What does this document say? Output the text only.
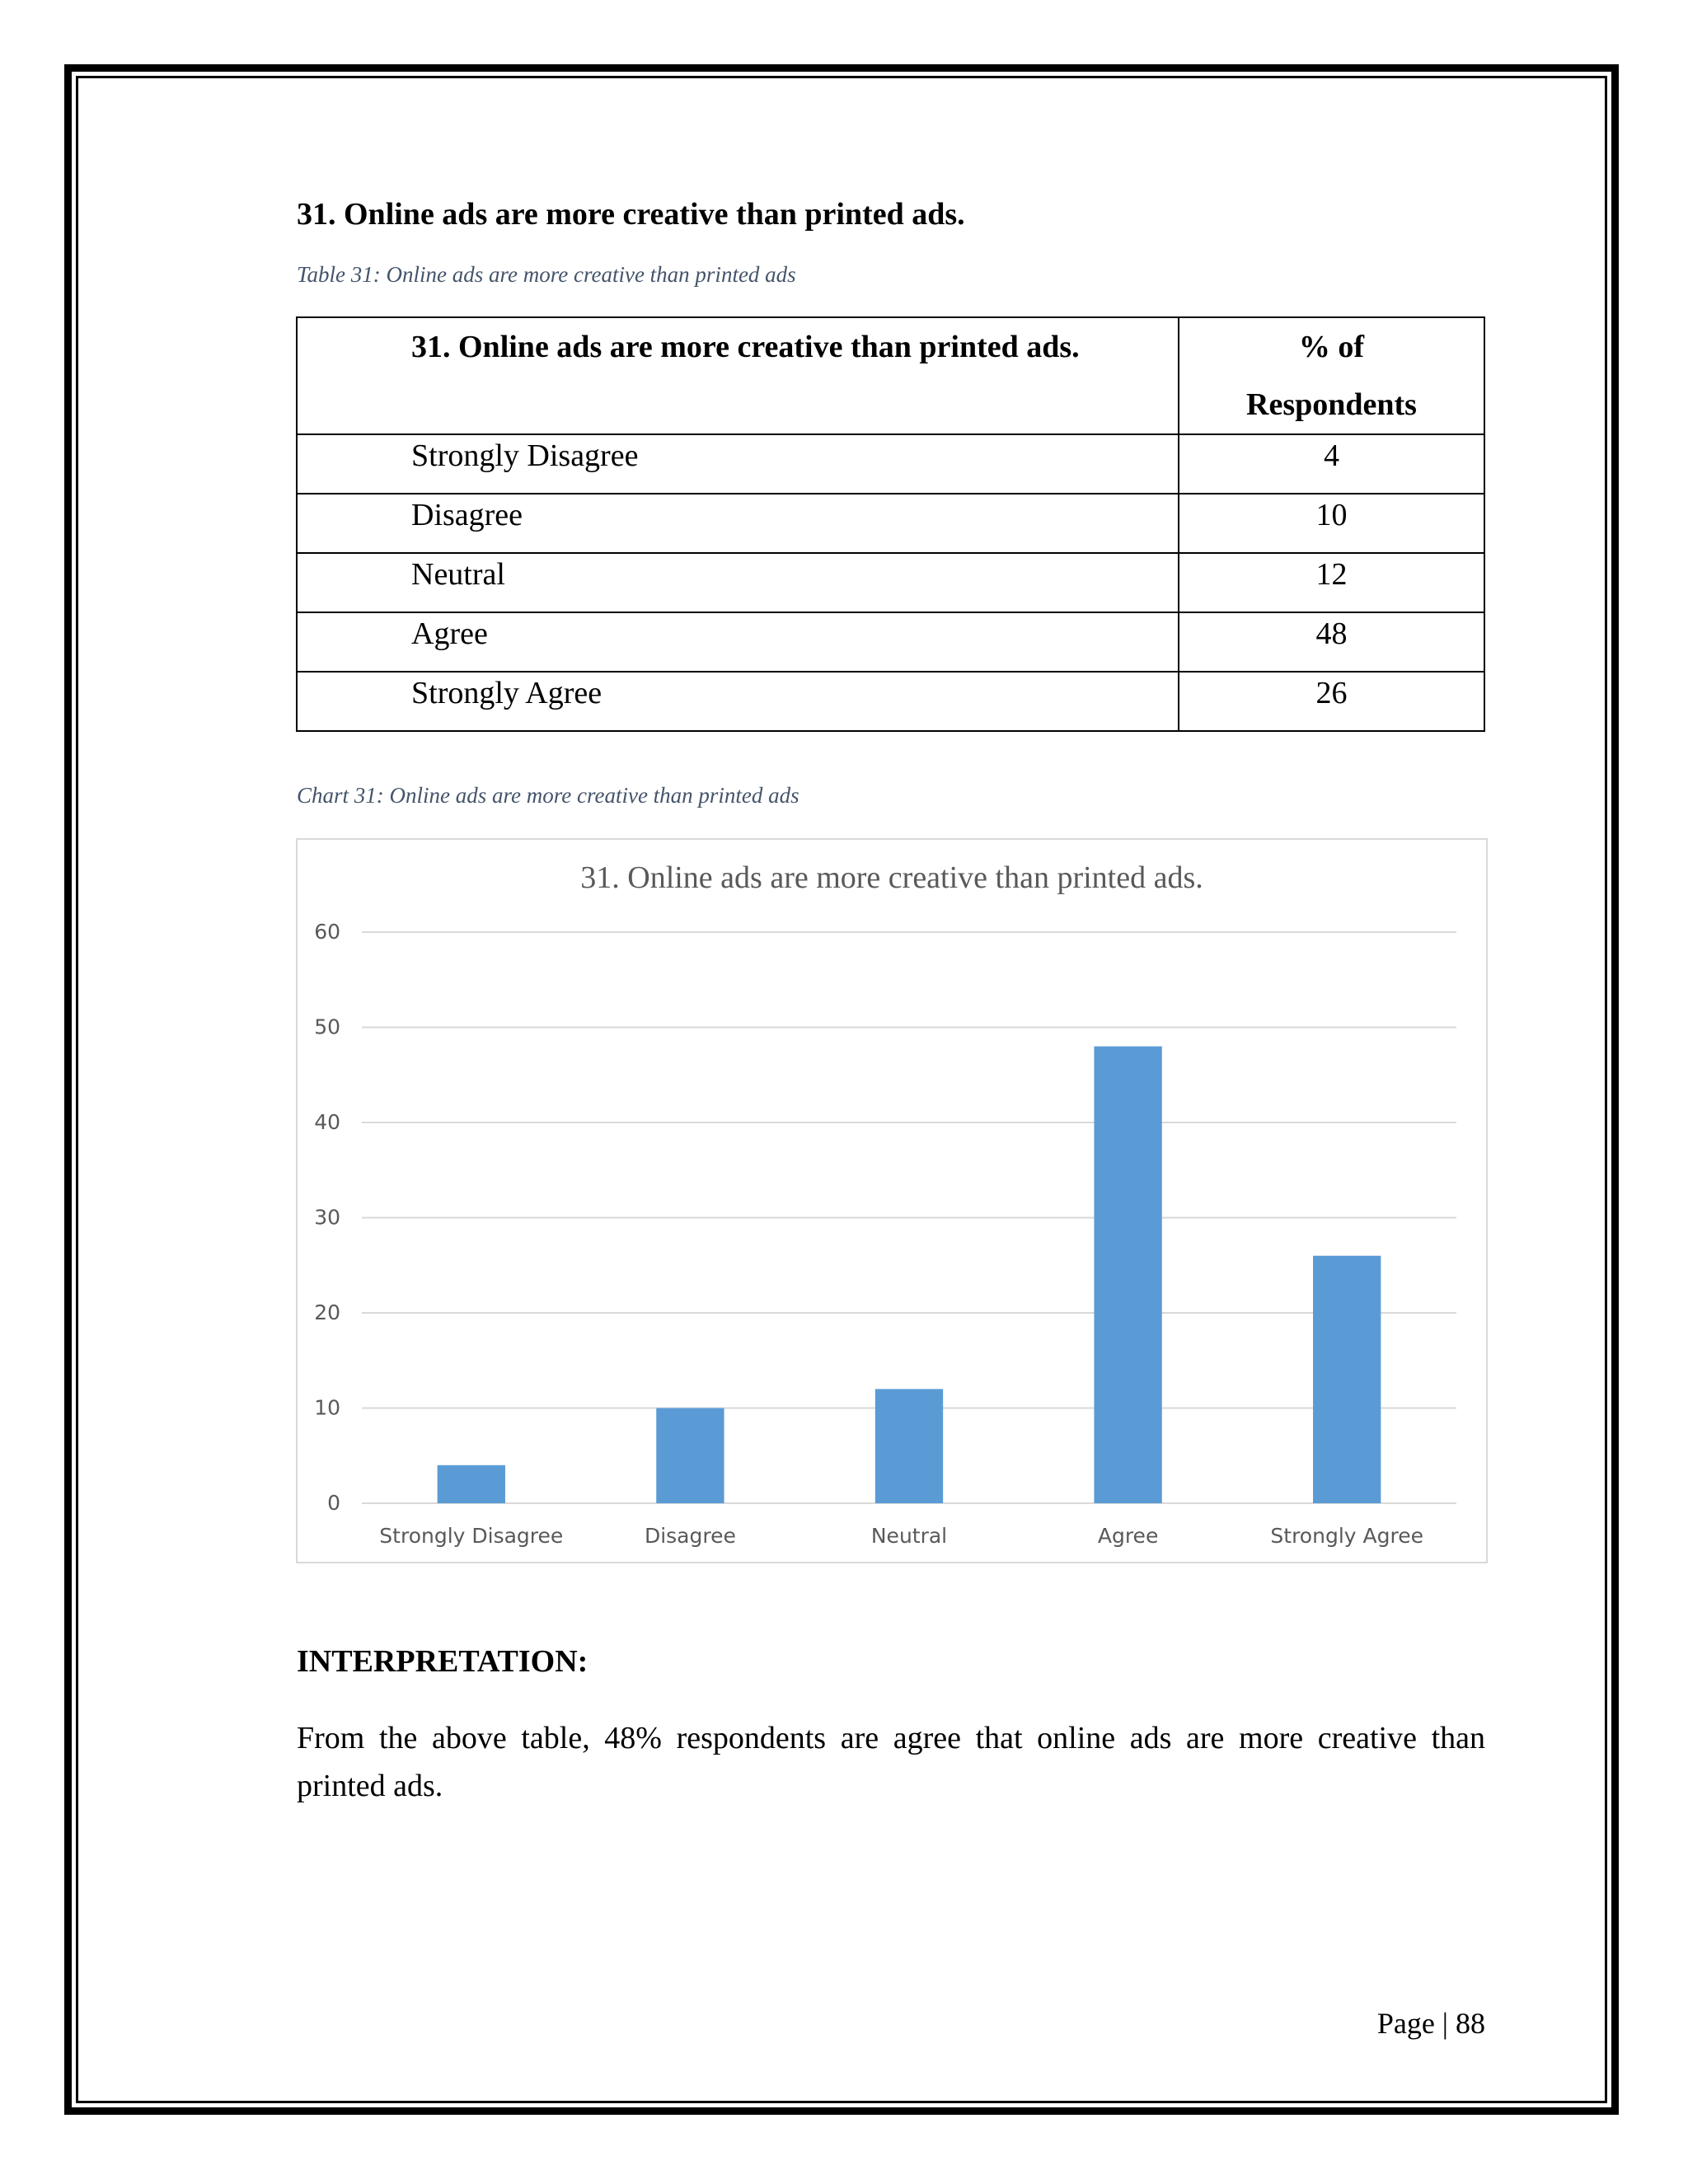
31. Online ads are more creative than printed ads.
Table 31: Online ads are more creative than printed ads
31. Online ads are more creative than printed ads.	% of
Respondents

Strongly Disagree	4
Disagree	10
Neutral	12
Agree	48
Strongly Agree	26
Chart 31: Online ads are more creative than printed ads
31. Online ads are more creative than printed ads.
0
10
20
30
40
50
60
Strongly Disagree	Disagree	Neutral	Agree	Strongly Agree
INTERPRETATION:
From the above table, 48% respondents are agree that online ads are more creative than printed ads.
Page | 88
